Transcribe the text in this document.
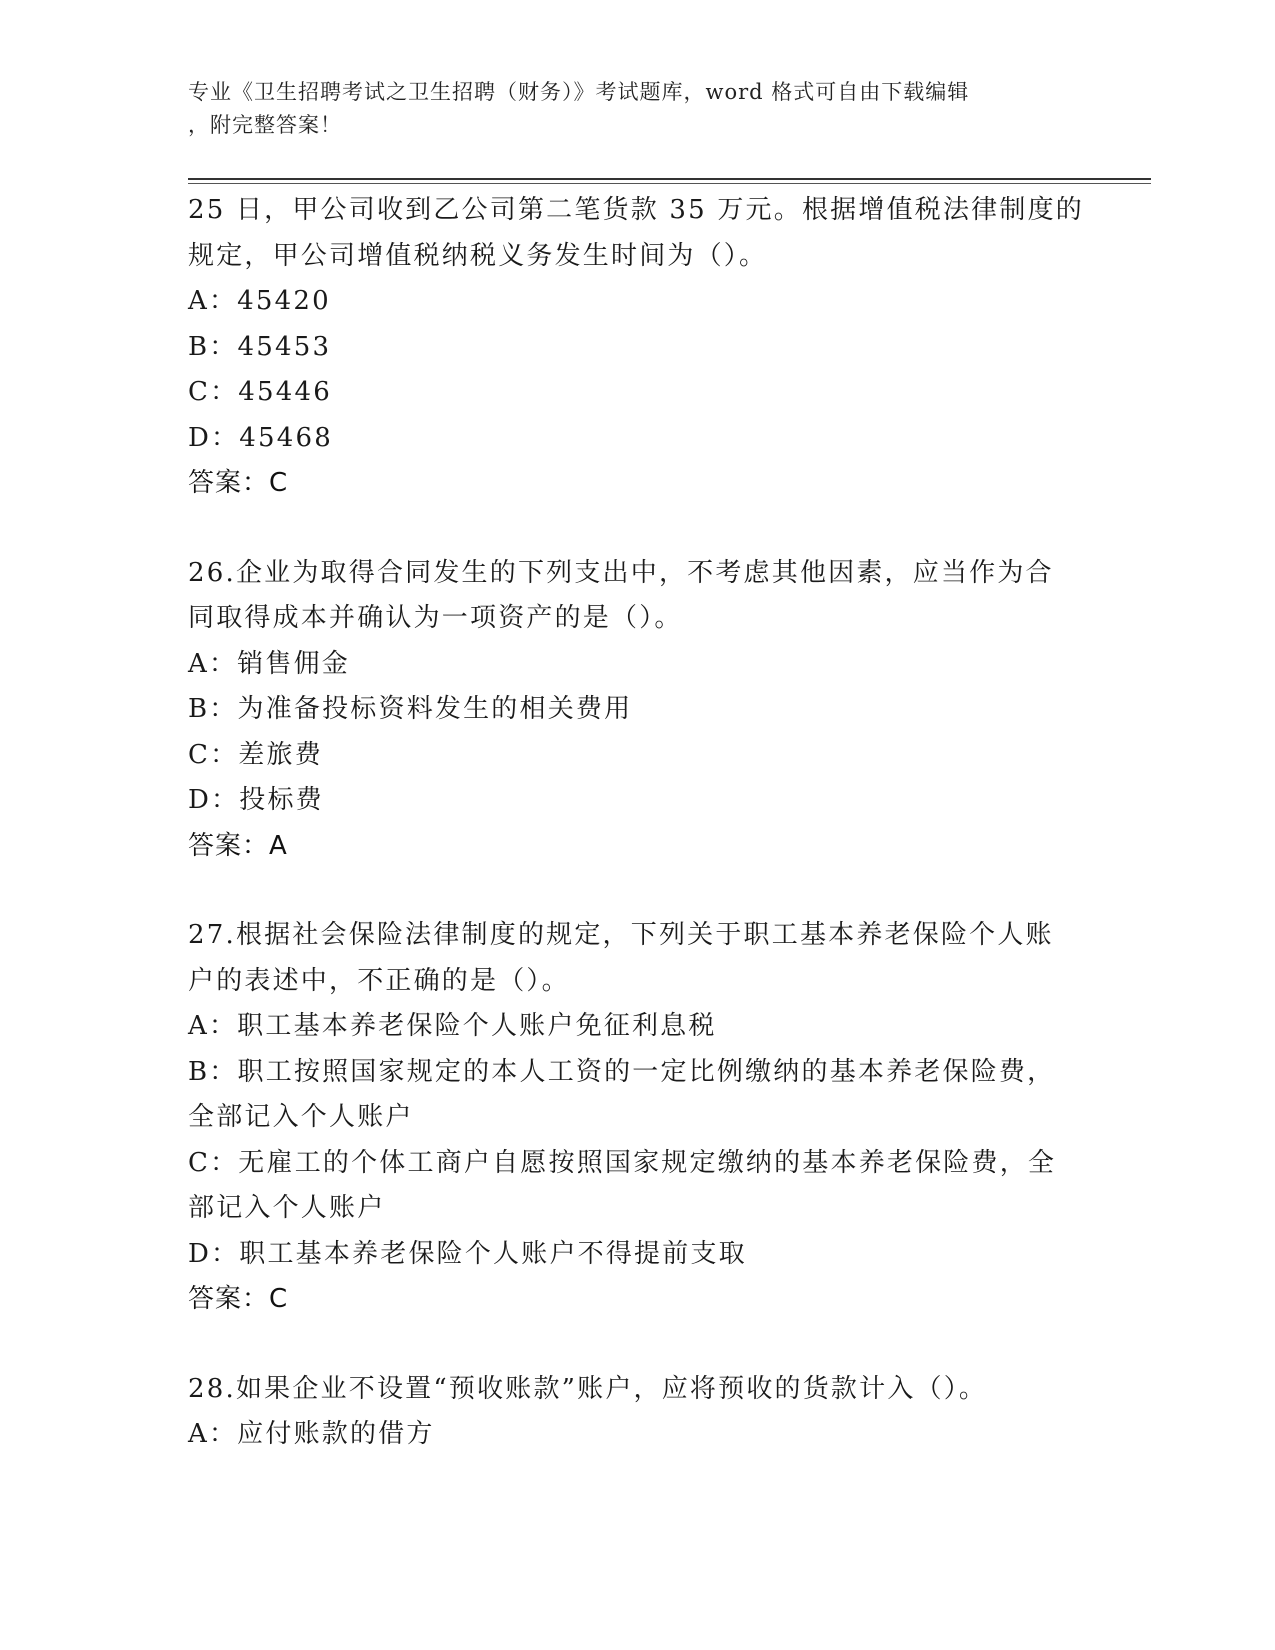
专业《卫生招聘考试之卫生招聘（财务）》考试题库，word 格式可自由下载编辑
，附完整答案！
25 日，甲公司收到乙公司第二笔货款 35 万元。根据增值税法律制度的
规定，甲公司增值税纳税义务发生时间为（）。
A：45420
B：45453
C：45446
D：45468
答案：C
26.企业为取得合同发生的下列支出中，不考虑其他因素，应当作为合
同取得成本并确认为一项资产的是（）。
A：销售佣金
B：为准备投标资料发生的相关费用
C：差旅费
D：投标费
答案：A
27.根据社会保险法律制度的规定，下列关于职工基本养老保险个人账
户的表述中，不正确的是（）。
A：职工基本养老保险个人账户免征利息税
B：职工按照国家规定的本人工资的一定比例缴纳的基本养老保险费，
全部记入个人账户
C：无雇工的个体工商户自愿按照国家规定缴纳的基本养老保险费，全
部记入个人账户
D：职工基本养老保险个人账户不得提前支取
答案：C
28.如果企业不设置“预收账款”账户，应将预收的货款计入（）。
A：应付账款的借方
